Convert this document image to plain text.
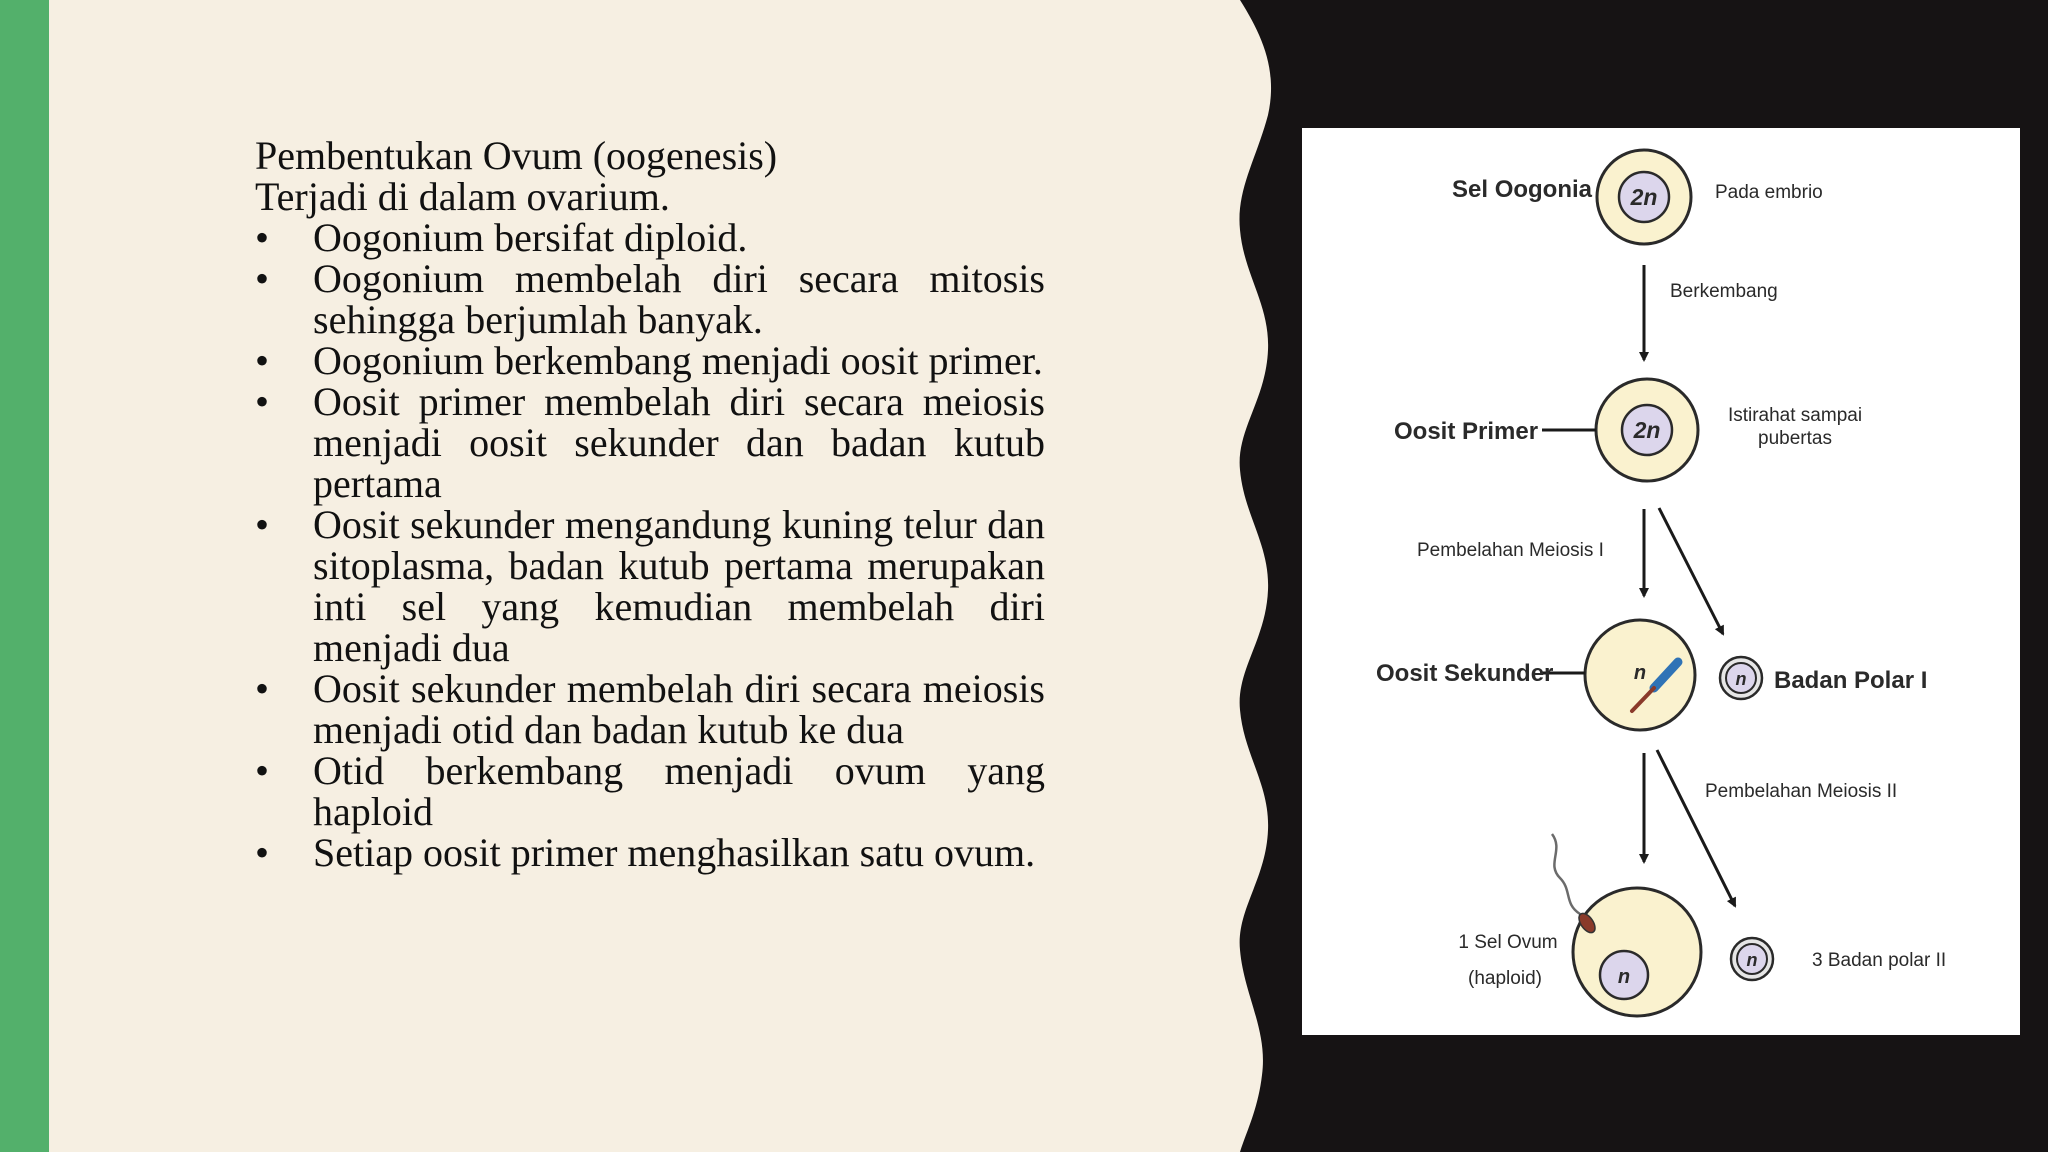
Pembentukan Ovum (oogenesis)
Terjadi di dalam ovarium.
• Oogonium bersifat diploid.
• Oogonium membelah diri secara mitosis sehingga berjumlah banyak.
• Oogonium berkembang menjadi oosit primer.
• Oosit primer membelah diri secara meiosis menjadi oosit sekunder dan badan kutub pertama
• Oosit sekunder mengandung kuning telur dan sitoplasma, badan kutub pertama merupakan inti sel yang kemudian membelah diri menjadi dua
• Oosit sekunder membelah diri secara meiosis menjadi otid dan badan kutub ke dua
• Otid berkembang menjadi ovum yang haploid
• Setiap oosit primer menghasilkan satu ovum.
2n
Sel Oogonia	Pada embrio
Berkembang
2n
Oosit Primer
Istirahat sampai
pubertas
Pembelahan Meiosis I
n
Oosit Sekunder	n Badan Polar I
Pembelahan Meiosis II
n
1 Sel Ovum
(haploid)
n	3 Badan polar II
